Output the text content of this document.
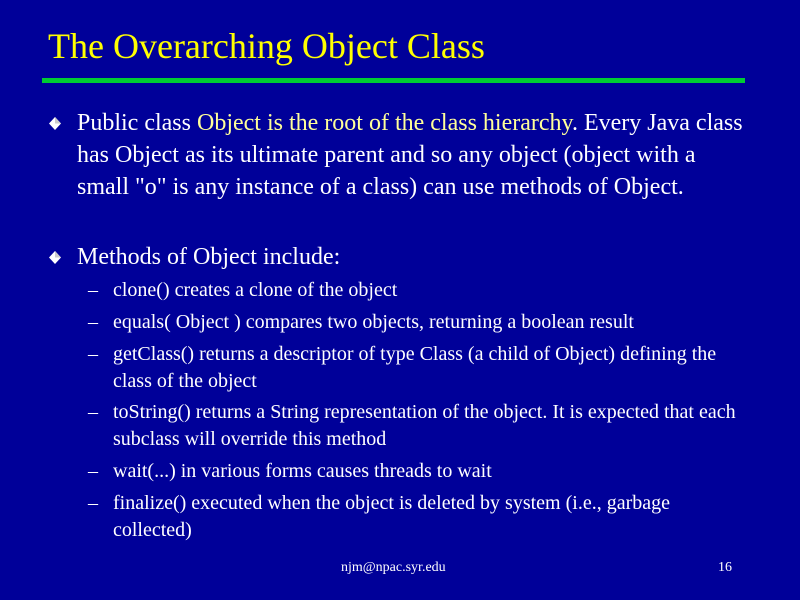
The Overarching Object Class
Public class Object is the root of the class hierarchy. Every Java class has Object as its ultimate parent and so any object (object with a small "o" is any instance of a class) can use methods of Object.
Methods of Object include:
– clone() creates a clone of the object
– equals( Object ) compares two objects, returning a boolean result
– getClass() returns a descriptor of type Class (a child of Object) defining the class of the object
– toString() returns a String representation of the object. It is expected that each subclass will override this method
– wait(...) in various forms causes threads to wait
– finalize() executed when the object is deleted by system (i.e., garbage collected)
njm@npac.syr.edu	16
